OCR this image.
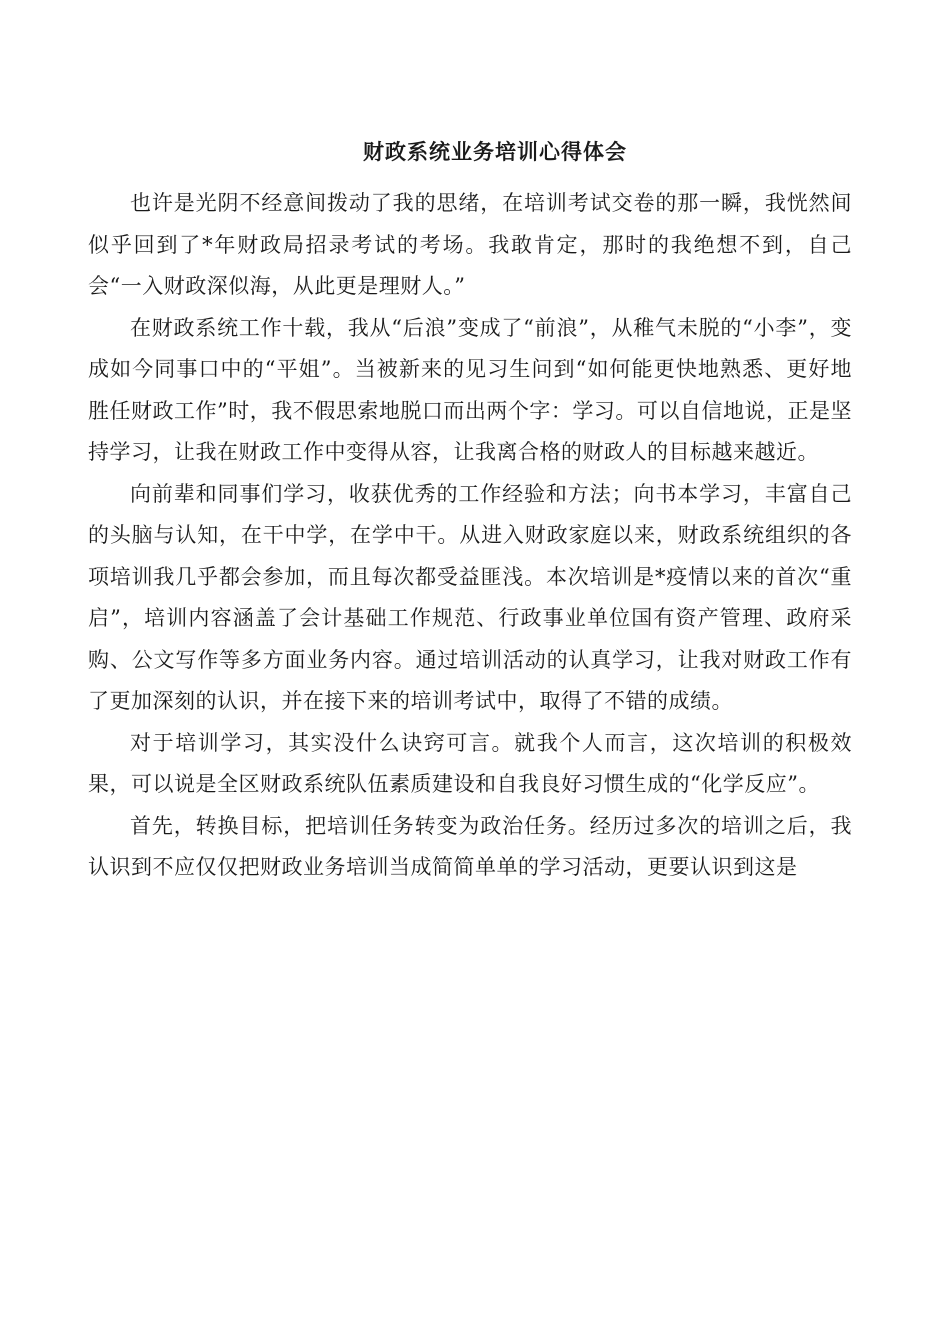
财政系统业务培训心得体会

也许是光阴不经意间拨动了我的思绪，在培训考试交卷的那一瞬，我恍然间似乎回到了*年财政局招录考试的考场。我敢肯定，那时的我绝想不到，自己会“一入财政深似海，从此更是理财人。”

在财政系统工作十载，我从“后浪”变成了“前浪”，从稚气未脱的“小李”，变成如今同事口中的“平姐”。当被新来的见习生问到“如何能更快地熟悉、更好地胜任财政工作”时，我不假思索地脱口而出两个字：学习。可以自信地说，正是坚持学习，让我在财政工作中变得从容，让我离合格的财政人的目标越来越近。

向前辈和同事们学习，收获优秀的工作经验和方法；向书本学习，丰富自己的头脑与认知，在干中学，在学中干。从进入财政家庭以来，财政系统组织的各项培训我几乎都会参加，而且每次都受益匪浅。本次培训是*疫情以来的首次“重启”，培训内容涵盖了会计基础工作规范、行政事业单位国有资产管理、政府采购、公文写作等多方面业务内容。通过培训活动的认真学习，让我对财政工作有了更加深刻的认识，并在接下来的培训考试中，取得了不错的成绩。

对于培训学习，其实没什么诀窍可言。就我个人而言，这次培训的积极效果，可以说是全区财政系统队伍素质建设和自我良好习惯生成的“化学反应”。

首先，转换目标，把培训任务转变为政治任务。经历过多次的培训之后，我认识到不应仅仅把财政业务培训当成简简单单的学习活动，更要认识到这是
